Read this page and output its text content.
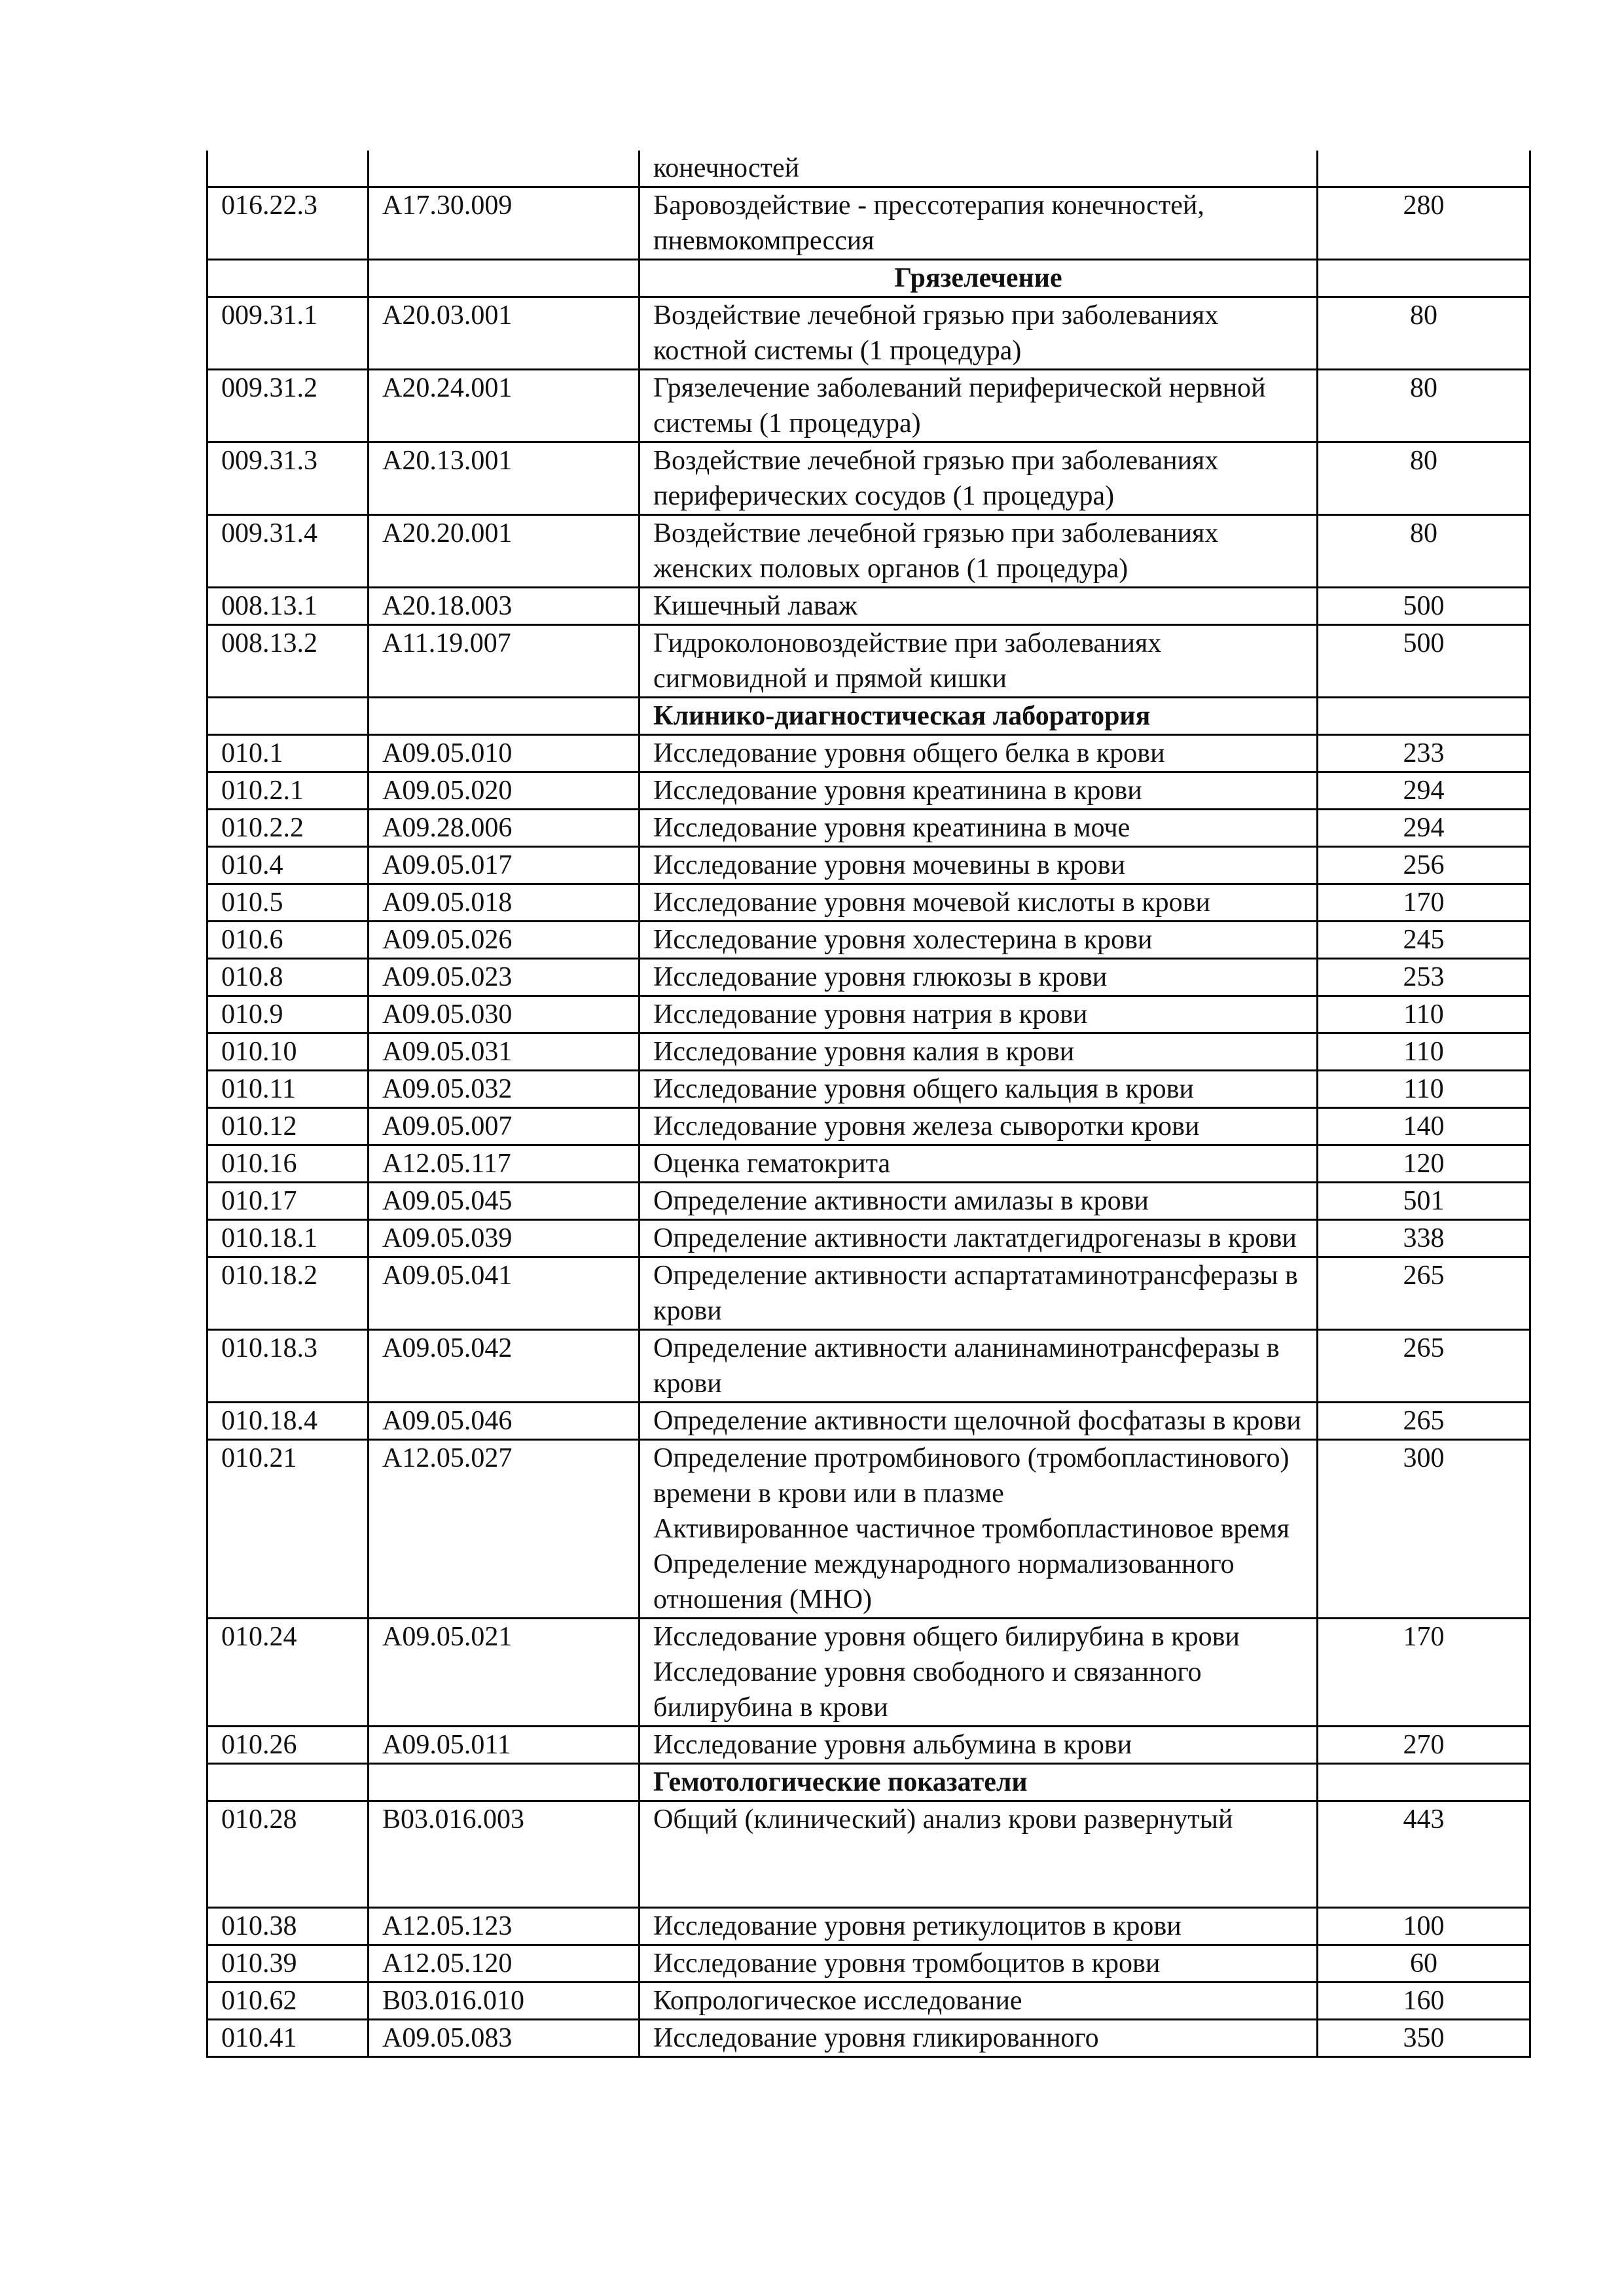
		конечностей	

016.22.3	A17.30.009	Баровоздействие - прессотерапия конечностей, пневмокомпрессия	280

		Грязелечение	

009.31.1	A20.03.001	Воздействие лечебной грязью при заболеваниях костной системы (1 процедура)	80
009.31.2	A20.24.001	Грязелечение заболеваний периферической нервной системы (1 процедура)	80
009.31.3	A20.13.001	Воздействие лечебной грязью при заболеваниях периферических сосудов (1 процедура)	80
009.31.4	A20.20.001	Воздействие лечебной грязью при заболеваниях женских половых органов (1 процедура)	80
008.13.1	A20.18.003	Кишечный лаваж	500
008.13.2	A11.19.007	Гидроколоновоздействие при заболеваниях сигмовидной и прямой кишки	500

		Клинико-диагностическая лаборатория	

010.1	A09.05.010	Исследование уровня общего белка в крови	233
010.2.1	A09.05.020	Исследование уровня креатинина в крови	294
010.2.2	A09.28.006	Исследование уровня креатинина в моче	294
010.4	A09.05.017	Исследование уровня мочевины в крови	256
010.5	A09.05.018	Исследование уровня мочевой кислоты в крови	170
010.6	A09.05.026	Исследование уровня холестерина в крови	245
010.8	A09.05.023	Исследование уровня глюкозы в крови	253
010.9	A09.05.030	Исследование уровня натрия в крови	110
010.10	A09.05.031	Исследование уровня калия в крови	110
010.11	A09.05.032	Исследование уровня общего кальция в крови	110
010.12	A09.05.007	Исследование уровня железа сыворотки крови	140
010.16	A12.05.117	Оценка гематокрита	120
010.17	A09.05.045	Определение активности амилазы в крови	501
010.18.1	A09.05.039	Определение активности лактатдегидрогеназы в крови	338
010.18.2	A09.05.041	Определение активности аспартатаминотрансферазы в крови	265
010.18.3	A09.05.042	Определение активности аланинаминотрансферазы в крови	265
010.18.4	A09.05.046	Определение активности щелочной фосфатазы в крови	265
010.21	A12.05.027	Определение протромбинового (тромбопластинового) времени в крови или в плазме
Активированное частичное тромбопластиновое время
Определение международного нормализованного отношения (МНО)	300
010.24	A09.05.021	Исследование уровня общего билирубина в крови
Исследование уровня свободного и связанного билирубина в крови	170
010.26	A09.05.011	Исследование уровня альбумина в крови	270

		Гемотологические показатели	

010.28	B03.016.003	Общий (клинический) анализ крови развернутый	443
010.38	A12.05.123	Исследование уровня ретикулоцитов в крови	100
010.39	A12.05.120	Исследование уровня тромбоцитов в крови	60
010.62	B03.016.010	Копрологическое исследование	160
010.41	A09.05.083	Исследование уровня гликированного	350
